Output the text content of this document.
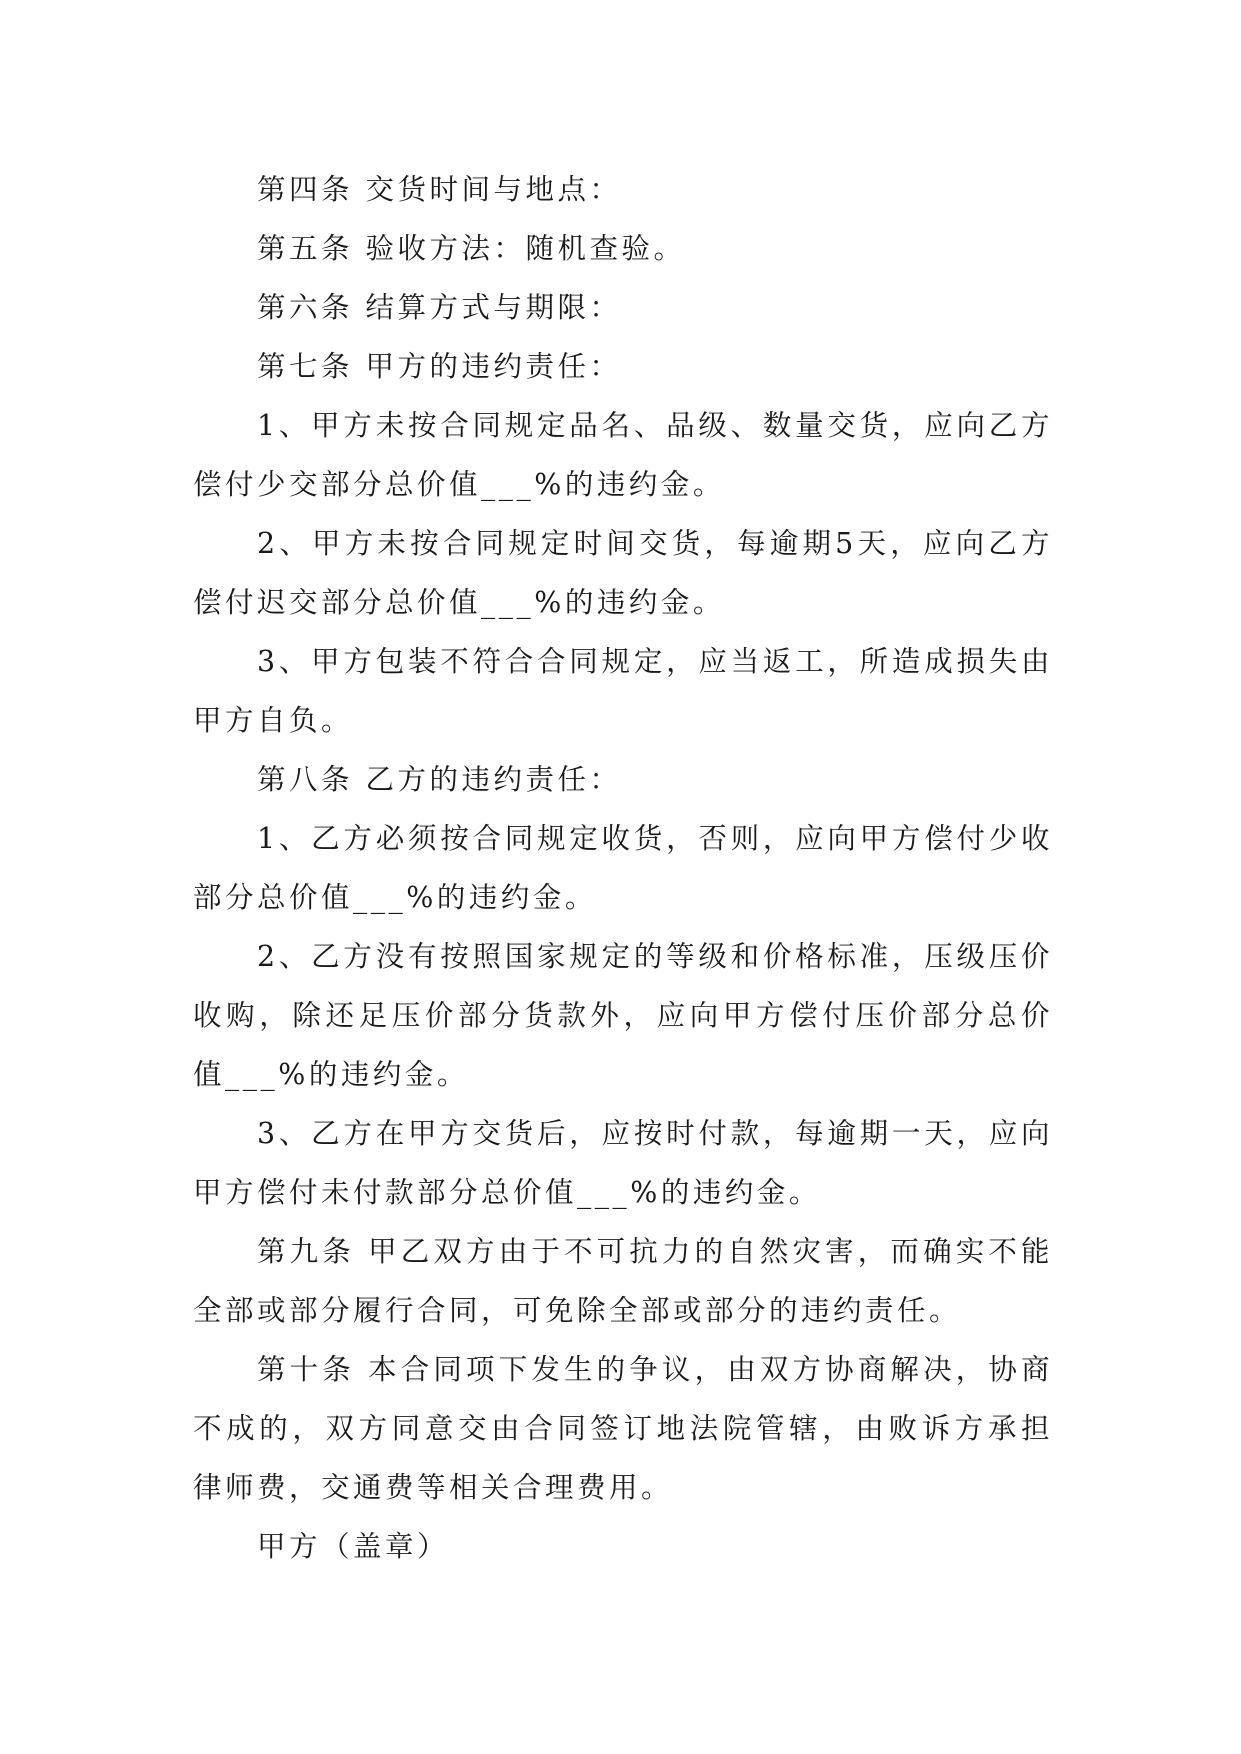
第四条 交货时间与地点：

第五条 验收方法：随机查验。

第六条 结算方式与期限：

第七条 甲方的违约责任：

1、甲方未按合同规定品名、品级、数量交货，应向乙方偿付少交部分总价值___%的违约金。

2、甲方未按合同规定时间交货，每逾期5天，应向乙方偿付迟交部分总价值___%的违约金。

3、甲方包装不符合合同规定，应当返工，所造成损失由甲方自负。

第八条 乙方的违约责任：

1、乙方必须按合同规定收货，否则，应向甲方偿付少收部分总价值___%的违约金。

2、乙方没有按照国家规定的等级和价格标准，压级压价收购，除还足压价部分货款外，应向甲方偿付压价部分总价值___%的违约金。

3、乙方在甲方交货后，应按时付款，每逾期一天，应向甲方偿付未付款部分总价值___%的违约金。

第九条 甲乙双方由于不可抗力的自然灾害，而确实不能全部或部分履行合同，可免除全部或部分的违约责任。

第十条 本合同项下发生的争议，由双方协商解决，协商不成的，双方同意交由合同签订地法院管辖，由败诉方承担律师费，交通费等相关合理费用。

甲方（盖章）
